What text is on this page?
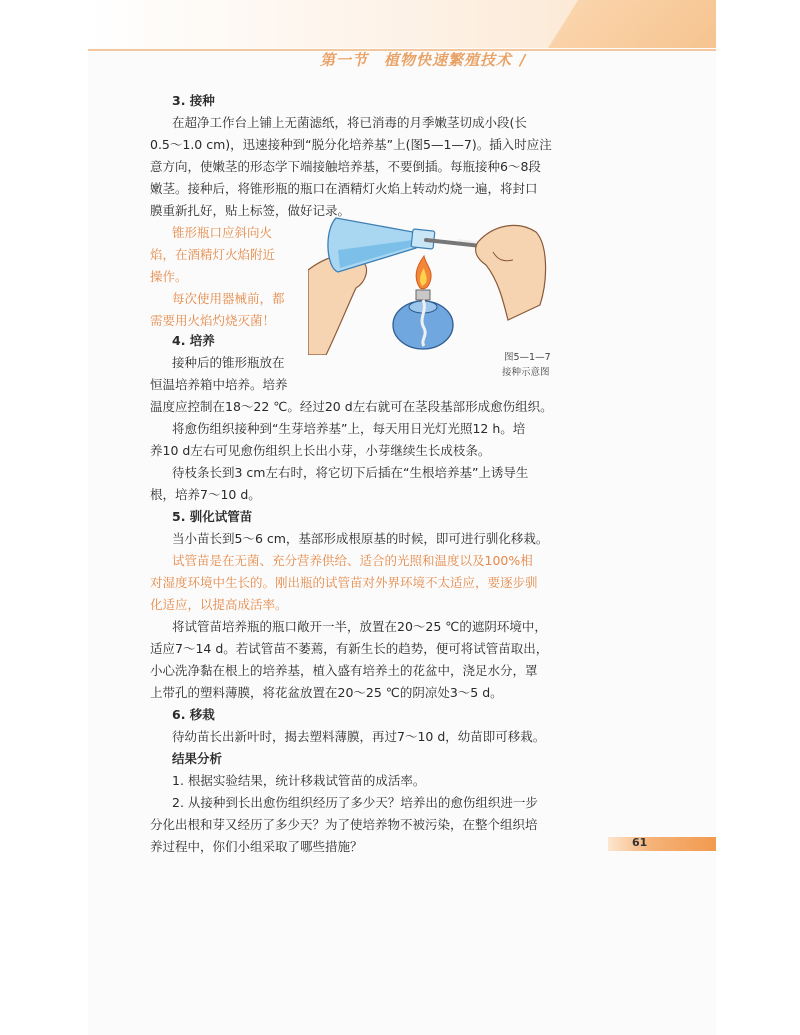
第一节　植物快速繁殖技术 /
3. 接种
在超净工作台上铺上无菌滤纸，将已消毒的月季嫩茎切成小段(长
0.5～1.0 cm)，迅速接种到“脱分化培养基”上(图5—1—7)。插入时应注
意方向，使嫩茎的形态学下端接触培养基，不要倒插。每瓶接种6～8段
嫩茎。接种后，将锥形瓶的瓶口在酒精灯火焰上转动灼烧一遍，将封口
膜重新扎好，贴上标签，做好记录。
锥形瓶口应斜向火
焰，在酒精灯火焰附近
操作。
每次使用器械前，都
需要用火焰灼烧灭菌！
图5—1—7
接种示意图
4. 培养
接种后的锥形瓶放在
恒温培养箱中培养。培养
温度应控制在18～22 ℃。经过20 d左右就可在茎段基部形成愈伤组织。
将愈伤组织接种到“生芽培养基”上，每天用日光灯光照12 h。培
养10 d左右可见愈伤组织上长出小芽，小芽继续生长成枝条。
待枝条长到3 cm左右时，将它切下后插在“生根培养基”上诱导生
根，培养7～10 d。
5. 驯化试管苗
当小苗长到5～6 cm，基部形成根原基的时候，即可进行驯化移栽。
试管苗是在无菌、充分营养供给、适合的光照和温度以及100%相
对湿度环境中生长的。刚出瓶的试管苗对外界环境不太适应，要逐步驯
化适应，以提高成活率。
将试管苗培养瓶的瓶口敞开一半，放置在20～25 ℃的遮阴环境中，
适应7～14 d。若试管苗不萎蔫，有新生长的趋势，便可将试管苗取出，
小心洗净黏在根上的培养基，植入盛有培养土的花盆中，浇足水分，罩
上带孔的塑料薄膜，将花盆放置在20～25 ℃的阴凉处3～5 d。
6. 移栽
待幼苗长出新叶时，揭去塑料薄膜，再过7～10 d，幼苗即可移栽。
结果分析
1. 根据实验结果，统计移栽试管苗的成活率。
2. 从接种到长出愈伤组织经历了多少天？培养出的愈伤组织进一步
分化出根和芽又经历了多少天？为了使培养物不被污染，在整个组织培
61
养过程中，你们小组采取了哪些措施？
